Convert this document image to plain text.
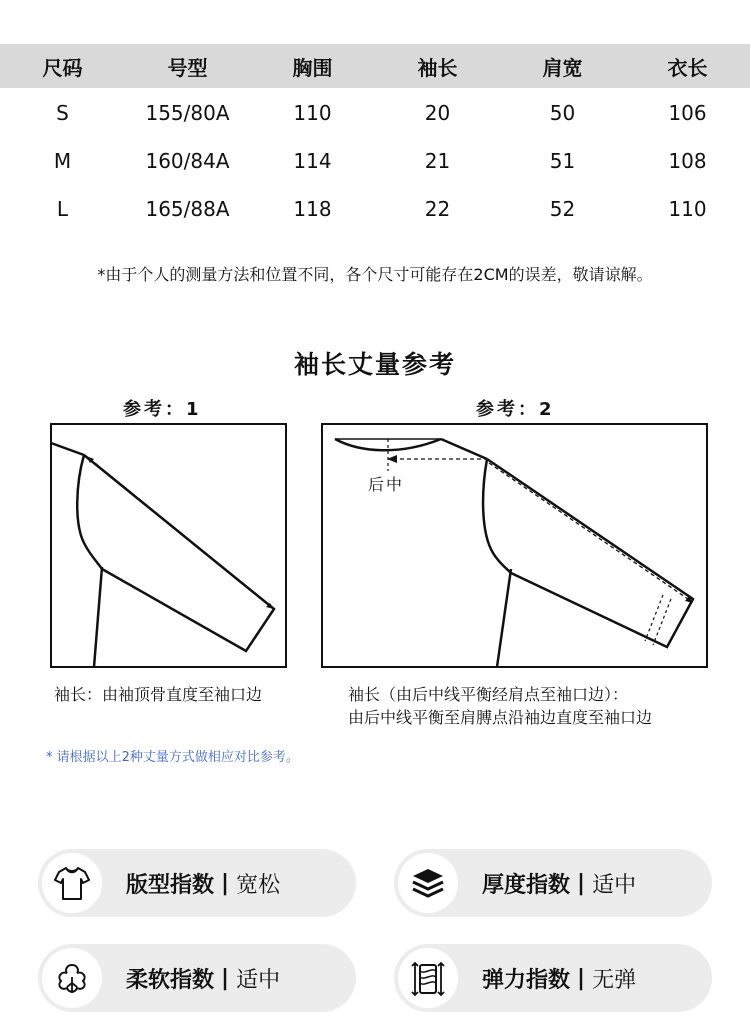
尺码	号型	胸围	袖长	肩宽	衣长
S	155/80A	110	20	50	106
M	160/84A	114	21	51	108
L	165/88A	118	22	52	110
*由于个人的测量方法和位置不同，各个尺寸可能存在2CM的误差，敬请谅解。
袖长丈量参考
参考：1	参考：2
后中
袖长：由袖顶骨直度至袖口边	袖长（由后中线平衡经肩点至袖口边）：
由后中线平衡至肩膊点沿袖边直度至袖口边
* 请根据以上2种丈量方式做相应对比参考。
版型指数 | 宽松	厚度指数 | 适中
柔软指数 | 适中	弹力指数 | 无弹
